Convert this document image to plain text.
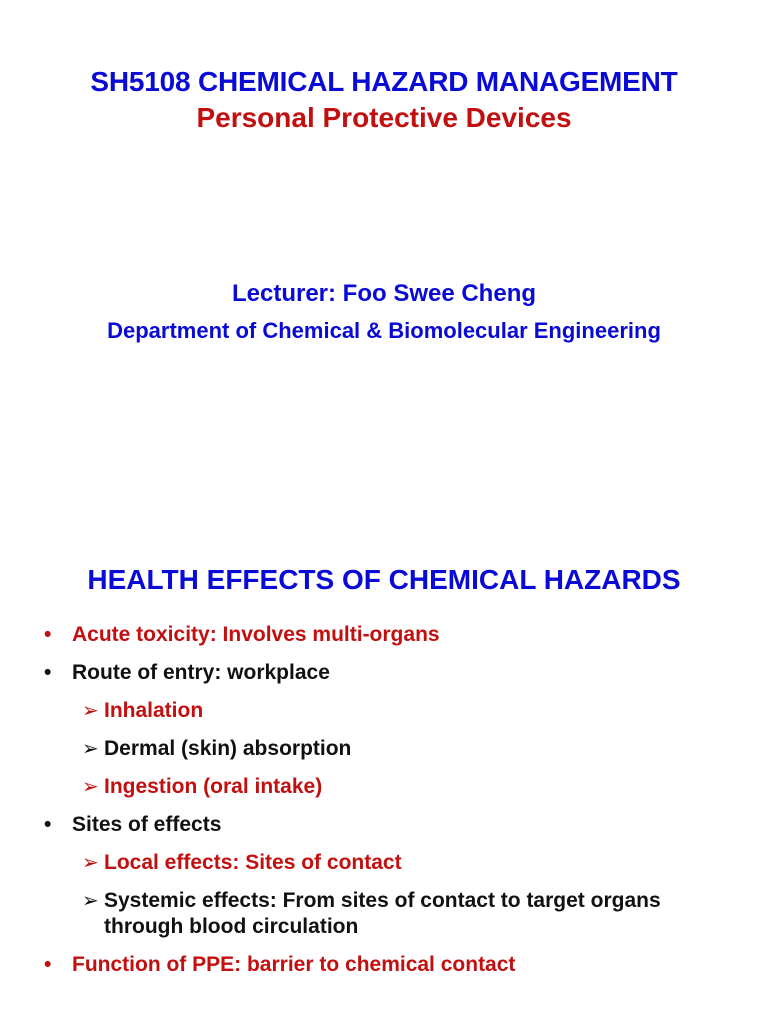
SH5108 CHEMICAL HAZARD MANAGEMENT
Personal Protective Devices
Lecturer: Foo Swee Cheng
Department of Chemical & Biomolecular Engineering
HEALTH EFFECTS OF CHEMICAL HAZARDS
• Acute toxicity: Involves multi-organs
• Route of entry: workplace
➢ Inhalation
➢ Dermal (skin) absorption
➢ Ingestion (oral intake)
• Sites of effects
➢ Local effects: Sites of contact
➢ Systemic effects: From sites of contact to target organs through blood circulation
• Function of PPE: barrier to chemical contact
